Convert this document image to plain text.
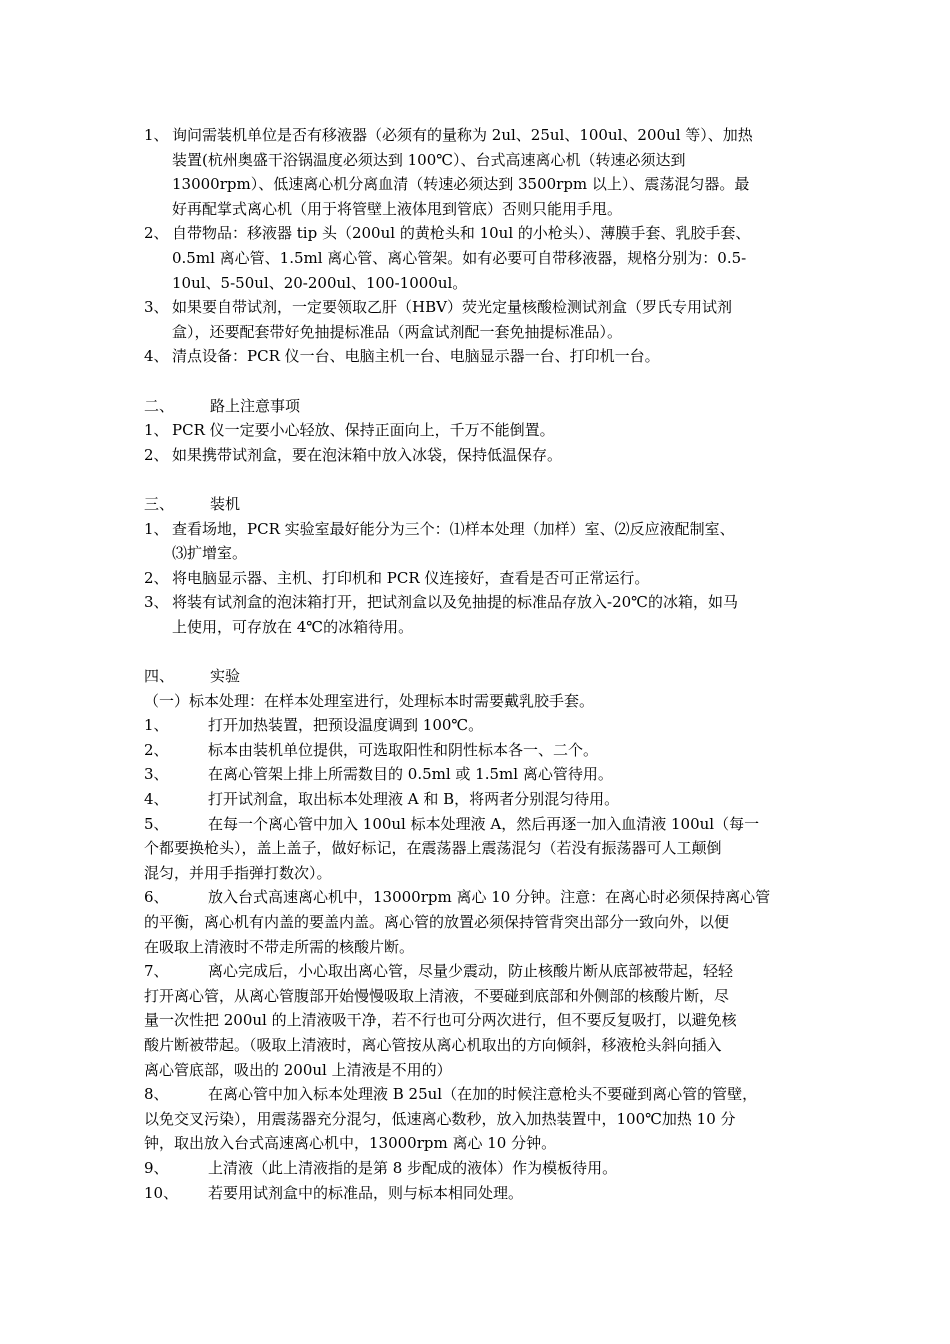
1、 询问需装机单位是否有移液器（必须有的量称为 2ul、25ul、100ul、200ul 等）、加热
装置(杭州奥盛干浴锅温度必须达到 100℃）、台式高速离心机（转速必须达到
13000rpm）、低速离心机分离血清（转速必须达到 3500rpm 以上）、震荡混匀器。最
好再配掌式离心机（用于将管壁上液体甩到管底）否则只能用手甩。
2、 自带物品：移液器 tip 头（200ul 的黄枪头和 10ul 的小枪头）、薄膜手套、乳胶手套、
0.5ml 离心管、1.5ml 离心管、离心管架。如有必要可自带移液器，规格分别为：0.5-
10ul、5-50ul、20-200ul、100-1000ul。
3、 如果要自带试剂，一定要领取乙肝（HBV）荧光定量核酸检测试剂盒（罗氏专用试剂
盒），还要配套带好免抽提标准品（两盒试剂配一套免抽提标准品）。
4、 清点设备：PCR 仪一台、电脑主机一台、电脑显示器一台、打印机一台。
二、 路上注意事项
1、 PCR 仪一定要小心轻放、保持正面向上，千万不能倒置。
2、 如果携带试剂盒，要在泡沫箱中放入冰袋，保持低温保存。
三、 装机
1、 查看场地，PCR 实验室最好能分为三个：⑴样本处理（加样）室、⑵反应液配制室、
⑶扩增室。
2、 将电脑显示器、主机、打印机和 PCR 仪连接好，查看是否可正常运行。
3、 将装有试剂盒的泡沫箱打开，把试剂盒以及免抽提的标准品存放入-20℃的冰箱，如马
上使用，可存放在 4℃的冰箱待用。
四、 实验
（一）标本处理：在样本处理室进行，处理标本时需要戴乳胶手套。
1、	打开加热装置，把预设温度调到 100℃。
2、	标本由装机单位提供，可选取阳性和阴性标本各一、二个。
3、	在离心管架上排上所需数目的 0.5ml 或 1.5ml 离心管待用。
4、	打开试剂盒，取出标本处理液 A 和 B，将两者分别混匀待用。
5、	在每一个离心管中加入 100ul 标本处理液 A，然后再逐一加入血清液 100ul（每一
个都要换枪头），盖上盖子，做好标记，在震荡器上震荡混匀（若没有振荡器可人工颠倒
混匀，并用手指弹打数次）。
6、	放入台式高速离心机中，13000rpm 离心 10 分钟。注意：在离心时必须保持离心管
的平衡，离心机有内盖的要盖内盖。离心管的放置必须保持管背突出部分一致向外，以便
在吸取上清液时不带走所需的核酸片断。
7、	离心完成后，小心取出离心管，尽量少震动，防止核酸片断从底部被带起，轻轻
打开离心管，从离心管腹部开始慢慢吸取上清液，不要碰到底部和外侧部的核酸片断，尽
量一次性把 200ul 的上清液吸干净，若不行也可分两次进行，但不要反复吸打，以避免核
酸片断被带起。（吸取上清液时，离心管按从离心机取出的方向倾斜，移液枪头斜向插入
离心管底部，吸出的 200ul 上清液是不用的）
8、	在离心管中加入标本处理液 B 25ul（在加的时候注意枪头不要碰到离心管的管壁，
以免交叉污染），用震荡器充分混匀，低速离心数秒，放入加热装置中，100℃加热 10 分
钟，取出放入台式高速离心机中，13000rpm 离心 10 分钟。
9、	上清液（此上清液指的是第 8 步配成的液体）作为模板待用。
10、 若要用试剂盒中的标准品，则与标本相同处理。
